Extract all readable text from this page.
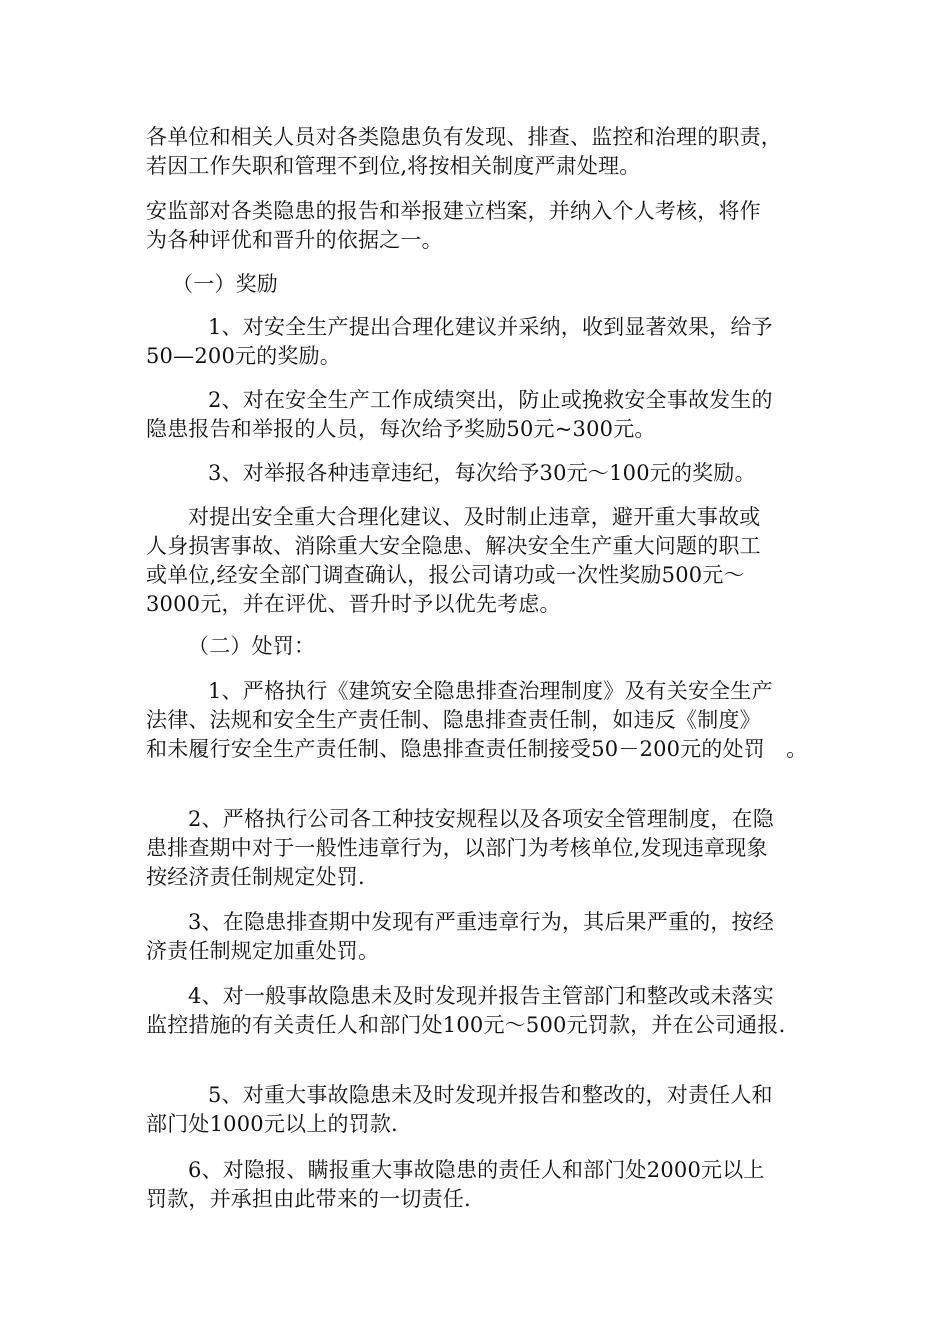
各单位和相关人员对各类隐患负有发现、排查、监控和治理的职责，
若因工作失职和管理不到位,将按相关制度严肃处理。
安监部对各类隐患的报告和举报建立档案，并纳入个人考核，将作
为各种评优和晋升的依据之一。
（一）奖励
1、对安全生产提出合理化建议并采纳，收到显著效果，给予
50—200元的奖励。
2、对在安全生产工作成绩突出，防止或挽救安全事故发生的
隐患报告和举报的人员，每次给予奖励50元~300元。
3、对举报各种违章违纪，每次给予30元～100元的奖励。
对提出安全重大合理化建议、及时制止违章，避开重大事故或
人身损害事故、消除重大安全隐患、解决安全生产重大问题的职工
或单位,经安全部门调查确认，报公司请功或一次性奖励500元～
3000元，并在评优、晋升时予以优先考虑。
（二）处罚：
1、严格执行《建筑安全隐患排查治理制度》及有关安全生产
法律、法规和安全生产责任制、隐患排查责任制，如违反《制度》
和未履行安全生产责任制、隐患排查责任制接受50－200元的处罚　。
2、严格执行公司各工种技安规程以及各项安全管理制度，在隐
患排查期中对于一般性违章行为，以部门为考核单位,发现违章现象
按经济责任制规定处罚.
3、在隐患排查期中发现有严重违章行为，其后果严重的，按经
济责任制规定加重处罚。
4、对一般事故隐患未及时发现并报告主管部门和整改或未落实
监控措施的有关责任人和部门处100元～500元罚款，并在公司通报.
5、对重大事故隐患未及时发现并报告和整改的，对责任人和
部门处1000元以上的罚款.
6、对隐报、瞒报重大事故隐患的责任人和部门处2000元以上
罚款，并承担由此带来的一切责任.
